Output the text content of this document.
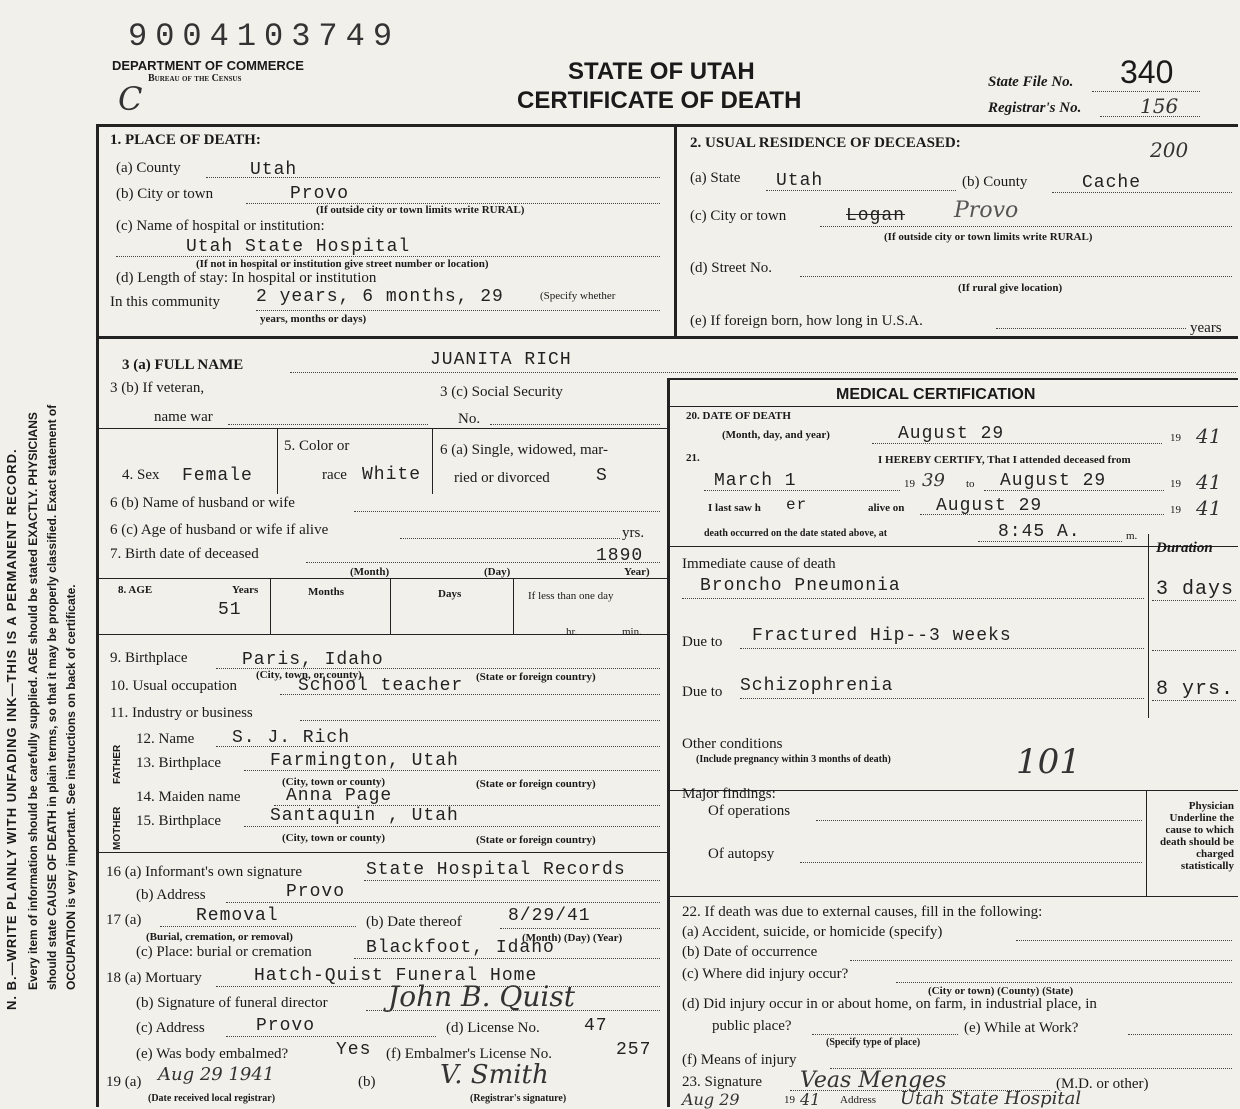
9004103749
DEPARTMENT OF COMMERCE
Bureau of the Census
C
STATE OF UTAH
CERTIFICATE OF DEATH
State File No. 340
Registrar's No.	156
N. B.—WRITE PLAINLY WITH UNFADING INK—THIS IS A PERMANENT RECORD. Every item of information should be carefully supplied. AGE should be stated EXACTLY. PHYSICIANS should state CAUSE OF DEATH in plain terms, so that it may be properly classified. Exact statement of OCCUPATION is very important. See instructions on back of certificate.
1. PLACE OF DEATH:
(a) County	Utah
(b) City or town	Provo
(If outside city or town limits write RURAL)
(c) Name of hospital or institution:
Utah State Hospital
(If not in hospital or institution give street number or location)
(d) Length of stay: In hospital or institution
In this community 2 years, 6 months, 29	(Specify whether
years, months or days)
2. USUAL RESIDENCE OF DECEASED:	200
(a) State Utah	(b) County	Cache
(c) City or town	Logan Provo
(If outside city or town limits write RURAL)
(d) Street No.
(If rural give location)
(e) If foreign born, how long in U.S.A.	years
3 (a) FULL NAME	JUANITA RICH
3 (b) If veteran,
name war
3 (c) Social Security
No.
4. Sex Female
5. Color or
race White
6 (a) Single, widowed, mar-
ried or divorced	S
6 (b) Name of husband or wife
6 (c) Age of husband or wife if alive	yrs.
7. Birth date of deceased	1890
(Month)	(Day)	Year)
8. AGE	Years
51
Months	Days	If less than one day
hr.	min.
9. Birthplace	Paris, Idaho
(City, town, or county)	(State or foreign country)
10. Usual occupation	School teacher
11. Industry or business
FATHER
MOTHER
12. Name S. J. Rich
13. Birthplace	Farmington, Utah
(City, town or county)	(State or foreign country)
14. Maiden name	Anna Page
15. Birthplace	Santaquin , Utah
(City, town or county)	(State or foreign country)
16 (a) Informant's own signature	State Hospital Records
(b) Address	Provo
17 (a)	Removal
(Burial, cremation, or removal)
(b) Date thereof	8/29/41
(Month) (Day) (Year)
(c) Place: burial or cremation	Blackfoot, Idaho
18 (a) Mortuary	Hatch-Quist Funeral Home
(b) Signature of funeral director John B. Quist
(c) Address	Provo	(d) License No. 47
(e) Was body embalmed?	Yes (f) Embalmer's License No.	257
19 (a) Aug 29 1941	(b) V. Smith
(Date received local registrar)	(Registrar's signature)
MEDICAL CERTIFICATION
20. DATE OF DEATH
(Month, day, and year)	August 29	19 41
21.	I HEREBY CERTIFY, That I attended deceased from
March 1	19 39 to August 29	19 41
I last saw h er	alive on August 29	19 41
death occurred on the date stated above, at	8:45 A.	m.
Duration
Immediate cause of death
Broncho Pneumonia	3 days
Due to Fractured Hip--3 weeks
Due to Schizophrenia	8 yrs.
Other conditions
(Include pregnancy within 3 months of death)	101
Major findings:
Of operations
Of autopsy
Physician Underline the cause to which death should be charged statistically
22. If death was due to external causes, fill in the following:
(a) Accident, suicide, or homicide (specify)
(b) Date of occurrence
(c) Where did injury occur?
(City or town) (County) (State)
(d) Did injury occur in or about home, on farm, in industrial place, in
public place?	(e) While at Work?
(Specify type of place)
(f) Means of injury
23. Signature Veas Menges	(M.D. or other)
Aug 29	19 41 Address Utah State Hospital
